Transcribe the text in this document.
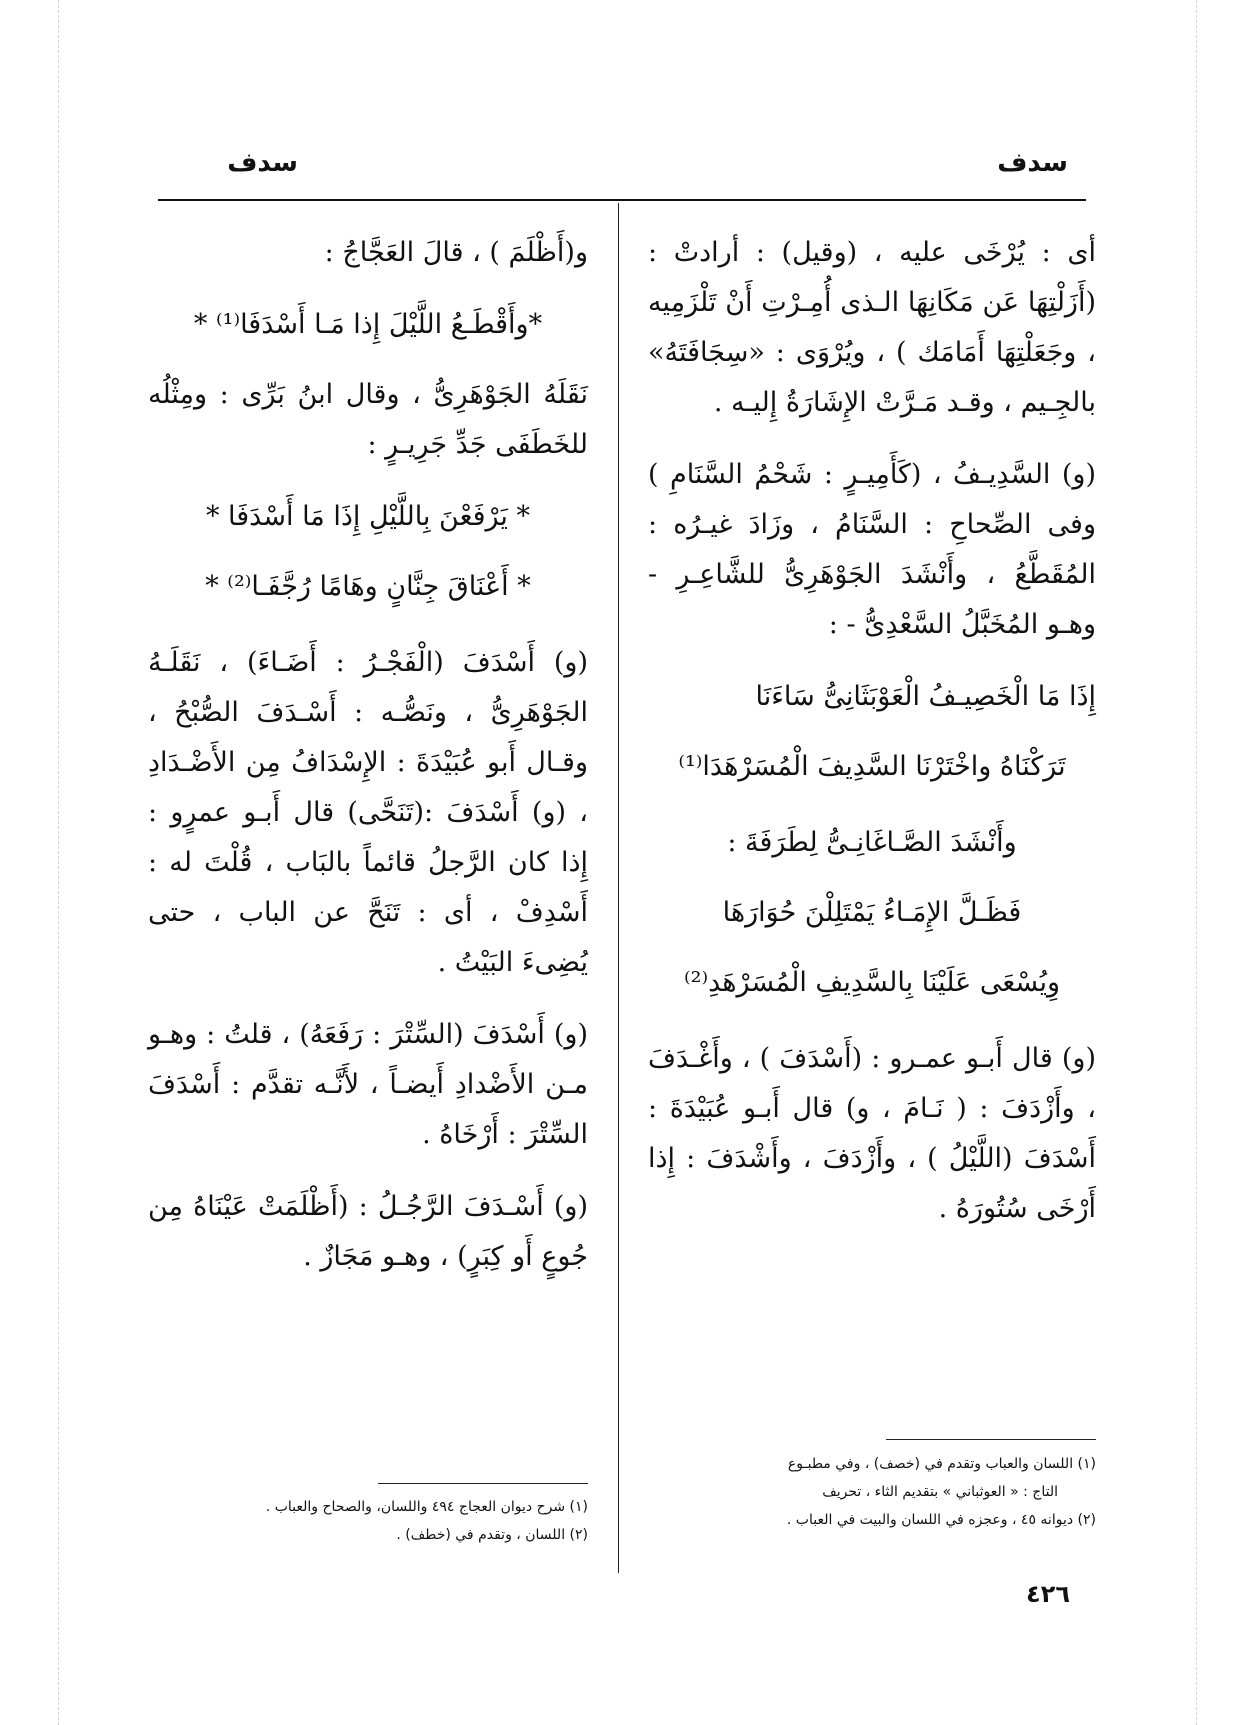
سدف
سدف

أى : يُرْخَى عليه ، (وقيل) : أرادتْ : (أَزَلْتِهَا عَن مَكَانِهَا الـذى أُمِـرْتِ أَنْ تَلْزَمِيه ، وجَعَلْتِهَا أَمَامَك ) ، ويُرْوَى : «سِجَافَتَهُ» بالجِـيم ، وقـد مَـرَّتْ الإِشَارَةُ إِليـه .

(و) السَّدِيـفُ ، (كَأَمِيـرٍ : شَحْمُ السَّنَامِ ) وفى الصِّحاحِ : السَّنَامُ ، وزَادَ غيـرُه : المُقَطَّعُ ، وأَنْشَدَ الجَوْهَرِىُّ للشَّاعِـرِ - وهـو المُخَبَّلُ السَّعْدِىُّ - :

إِذَا مَا الْخَصِيـفُ الْعَوْبَثَانِىُّ سَاءَنَا

تَرَكْنَاهُ واخْتَرْنَا السَّدِيفَ الْمُسَرْهَدَا⁽¹⁾

وأَنْشَدَ الصَّـاغَانِـىُّ لِطَرَفَةَ :

فَظَـلَّ الإِمَـاءُ يَمْتَلِلْنَ حُوَارَهَا

وِيُسْعَى عَلَيْنَا بِالسَّدِيفِ الْمُسَرْهَدِ⁽²⁾

(و) قال أَبـو عمـرو : (أَسْدَفَ ) ، وأَغْـدَفَ ، وأَزْدَفَ : ( نَـامَ ، و) قال أَبـو عُبَيْدَةَ : أَسْدَفَ (اللَّيْلُ ) ، وأَزْدَفَ ، وأَشْدَفَ : إِذا أَرْخَى سُتُورَهُ .

و(أَظْلَمَ ) ، قالَ العَجَّاجُ :

*وأَقْطَـعُ اللَّيْلَ إِذا مَـا أَسْدَفَا⁽¹⁾ *

نَقَلَهُ الجَوْهَرِىُّ ، وقال ابنُ بَرِّى : ومِثْلُه للخَطَفَى جَدِّ جَرِيـرٍ :

* يَرْفَعْنَ بِاللَّيْلِ إِذَا مَا أَسْدَفَا *

* أَعْنَاقَ جِنَّانٍ وهَامًا رُجَّفَـا⁽²⁾ *

(و) أَسْدَفَ (الْفَجْـرُ : أَضَـاءَ) ، نَقَلَـهُ الجَوْهَرِىُّ ، ونَصُّـه : أَسْـدَفَ الصُّبْحُ ، وقـال أَبو عُبَيْدَةَ : الإِسْدَافُ مِن الأَضْـدَادِ ، (و) أَسْدَفَ :(تَنَحَّى) قال أَبـو عمرٍو : إِذا كان الرَّجلُ قائماً بالبَاب ، قُلْتَ له : أَسْدِفْ ، أى : تَنَحَّ عن الباب ، حتى يُضِىءَ البَيْتُ .

(و) أَسْدَفَ (السِّتْرَ : رَفَعَهُ) ، قلتُ : وهـو مـن الأَضْدادِ أَيضـاً ، لأَنَّـه تقدَّم : أَسْدَفَ السِّتْرَ : أَرْخَاهُ .

(و) أَسْـدَفَ الرَّجُـلُ : (أَظْلَمَتْ عَيْنَاهُ مِن جُوعٍ أَو كِبَرٍ) ، وهـو مَجَازٌ .

(١) اللسان والعباب وتقدم في (خصف) ، وفي مطبـوع

التاج : « العوثباني » بتقديم الثاء ، تحريف

(٢) ديوانه ٤٥ ، وعجزه في اللسان والبيت في العباب .

(١) شرح ديوان العجاج ٤٩٤ واللسان، والصحاح والعباب .

(٢) اللسان ، وتقدم في (خطف) .

٤٢٦
